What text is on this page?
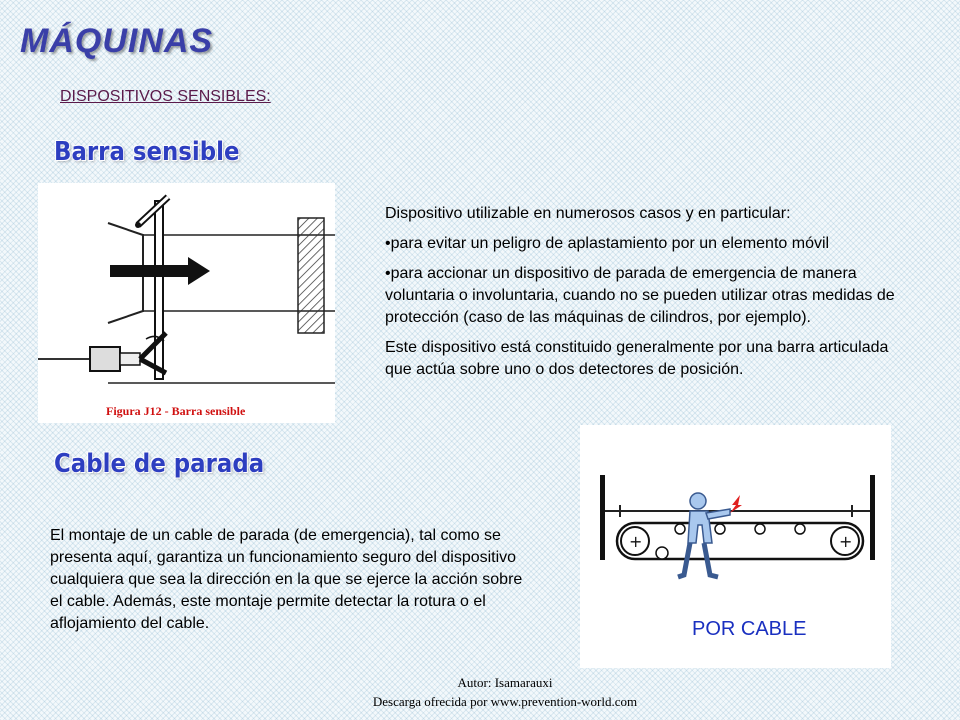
MÁQUINAS
DISPOSITIVOS SENSIBLES:
Barra sensible
Figura J12 - Barra sensible

Dispositivo utilizable en numerosos casos y en particular:

•para evitar un peligro de aplastamiento por un elemento móvil

•para accionar un dispositivo de parada de emergencia de manera voluntaria o involuntaria, cuando no se pueden utilizar otras medidas de protección (caso de las máquinas de cilindros, por ejemplo).

Este dispositivo está constituido generalmente por una barra articulada que actúa sobre uno o dos detectores de posición.

Cable de parada

El montaje de un cable de parada (de emergencia), tal como se presenta aquí, garantiza un funcionamiento seguro del dispositivo cualquiera que sea la dirección en la que se ejerce la acción sobre el cable. Además, este montaje permite detectar la rotura o el aflojamiento del cable.

+	+
POR CABLE
Autor: Isamarauxi
Descarga ofrecida por www.prevention-world.com
